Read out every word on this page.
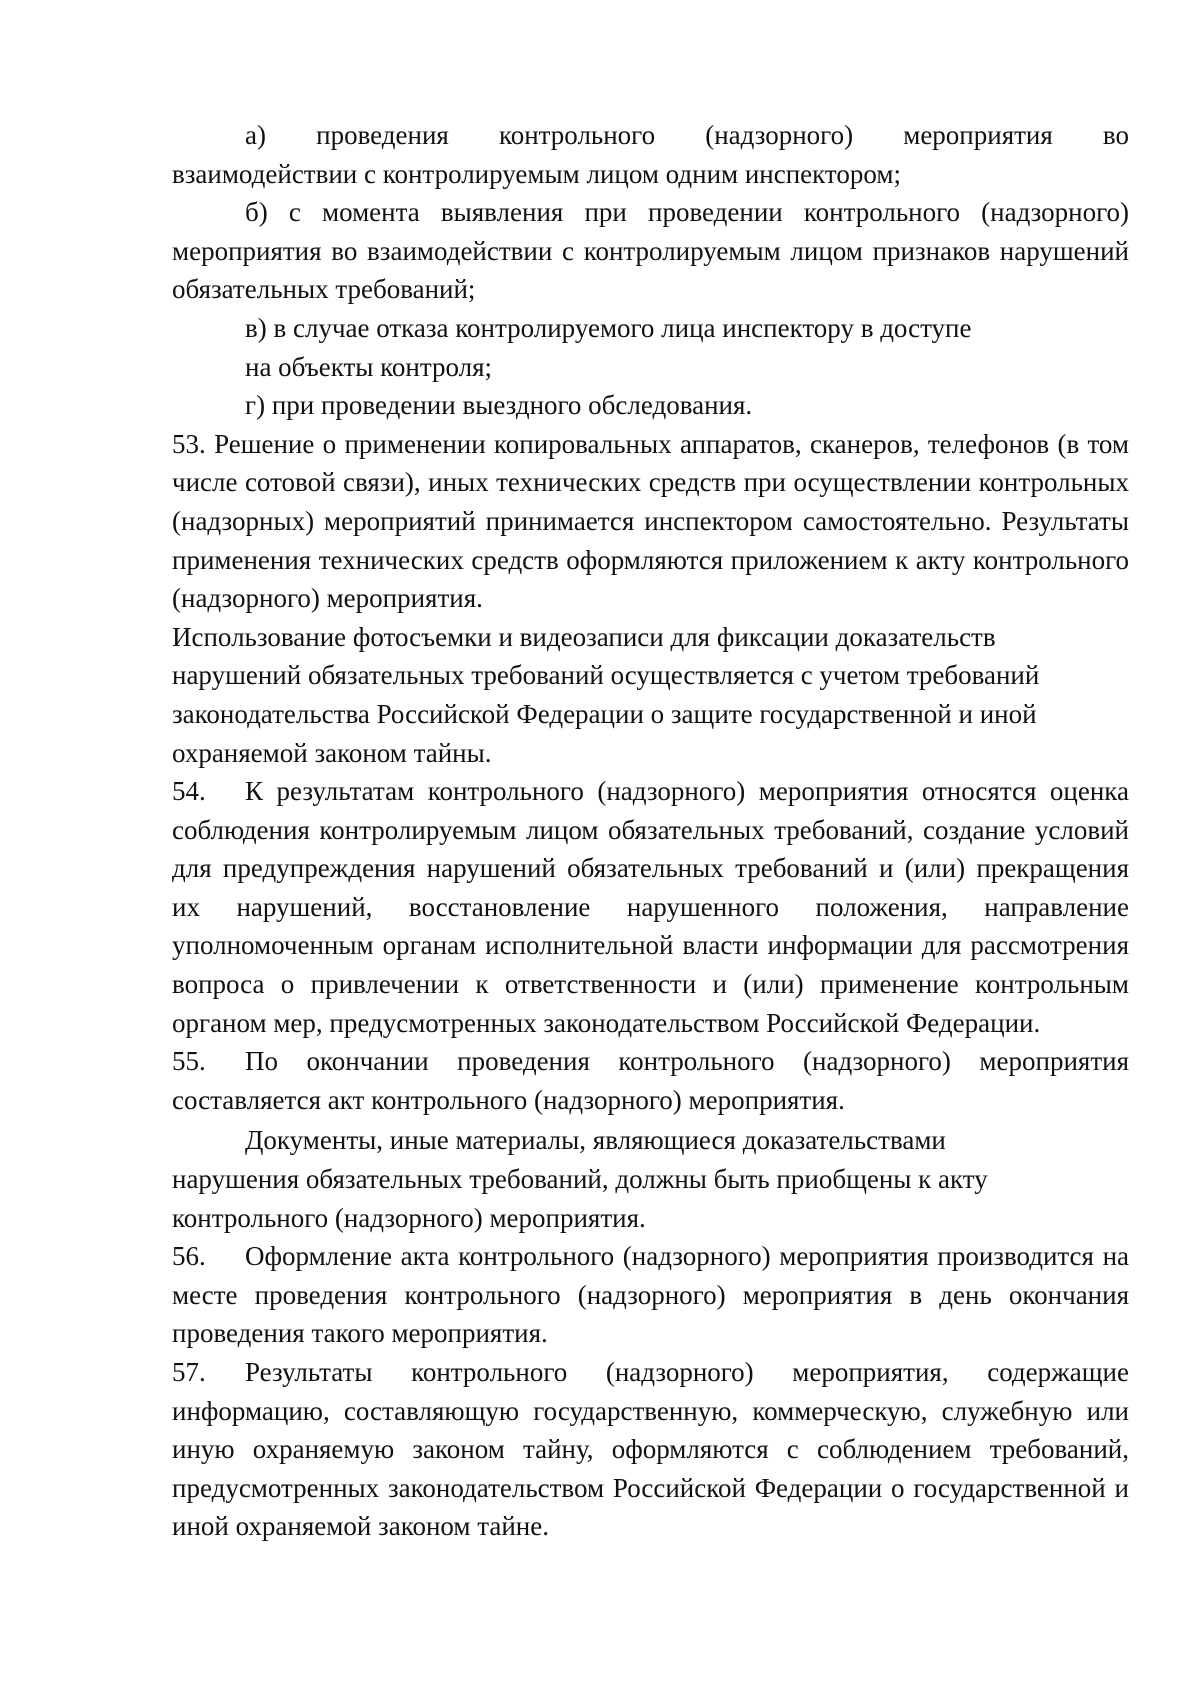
а) проведения контрольного (надзорного) мероприятия во

взаимодействии с контролируемым лицом одним инспектором;

б) с момента выявления при проведении контрольного (надзорного) мероприятия во взаимодействии с контролируемым лицом признаков нарушений обязательных требований;

в) в случае отказа контролируемого лица инспектору в доступе

на объекты контроля;

г) при проведении выездного обследования.

53. Решение о применении копировальных аппаратов, сканеров, телефонов (в том числе сотовой связи), иных технических средств при осуществлении контрольных (надзорных) мероприятий принимается инспектором самостоятельно. Результаты применения технических средств оформляются приложением к акту контрольного (надзорного) мероприятия.

Использование фотосъемки и видеозаписи для фиксации доказательств

нарушений обязательных требований осуществляется с учетом требований

законодательства Российской Федерации о защите государственной и иной

охраняемой законом тайны.

54. К результатам контрольного (надзорного) мероприятия относятся оценка соблюдения контролируемым лицом обязательных требований, создание условий для предупреждения нарушений обязательных требований и (или) прекращения их нарушений, восстановление нарушенного положения, направление уполномоченным органам исполнительной власти информации для рассмотрения вопроса о привлечении к ответственности и (или) применение контрольным органом мер, предусмотренных законодательством Российской Федерации.

55. По окончании проведения контрольного (надзорного) мероприятия составляется акт контрольного (надзорного) мероприятия.

Документы, иные материалы, являющиеся доказательствами

нарушения обязательных требований, должны быть приобщены к акту

контрольного (надзорного) мероприятия.

56. Оформление акта контрольного (надзорного) мероприятия производится на месте проведения контрольного (надзорного) мероприятия в день окончания проведения такого мероприятия.

57. Результаты контрольного (надзорного) мероприятия, содержащие информацию, составляющую государственную, коммерческую, служебную или иную охраняемую законом тайну, оформляются с соблюдением требований, предусмотренных законодательством Российской Федерации о государственной и иной охраняемой законом тайне.
